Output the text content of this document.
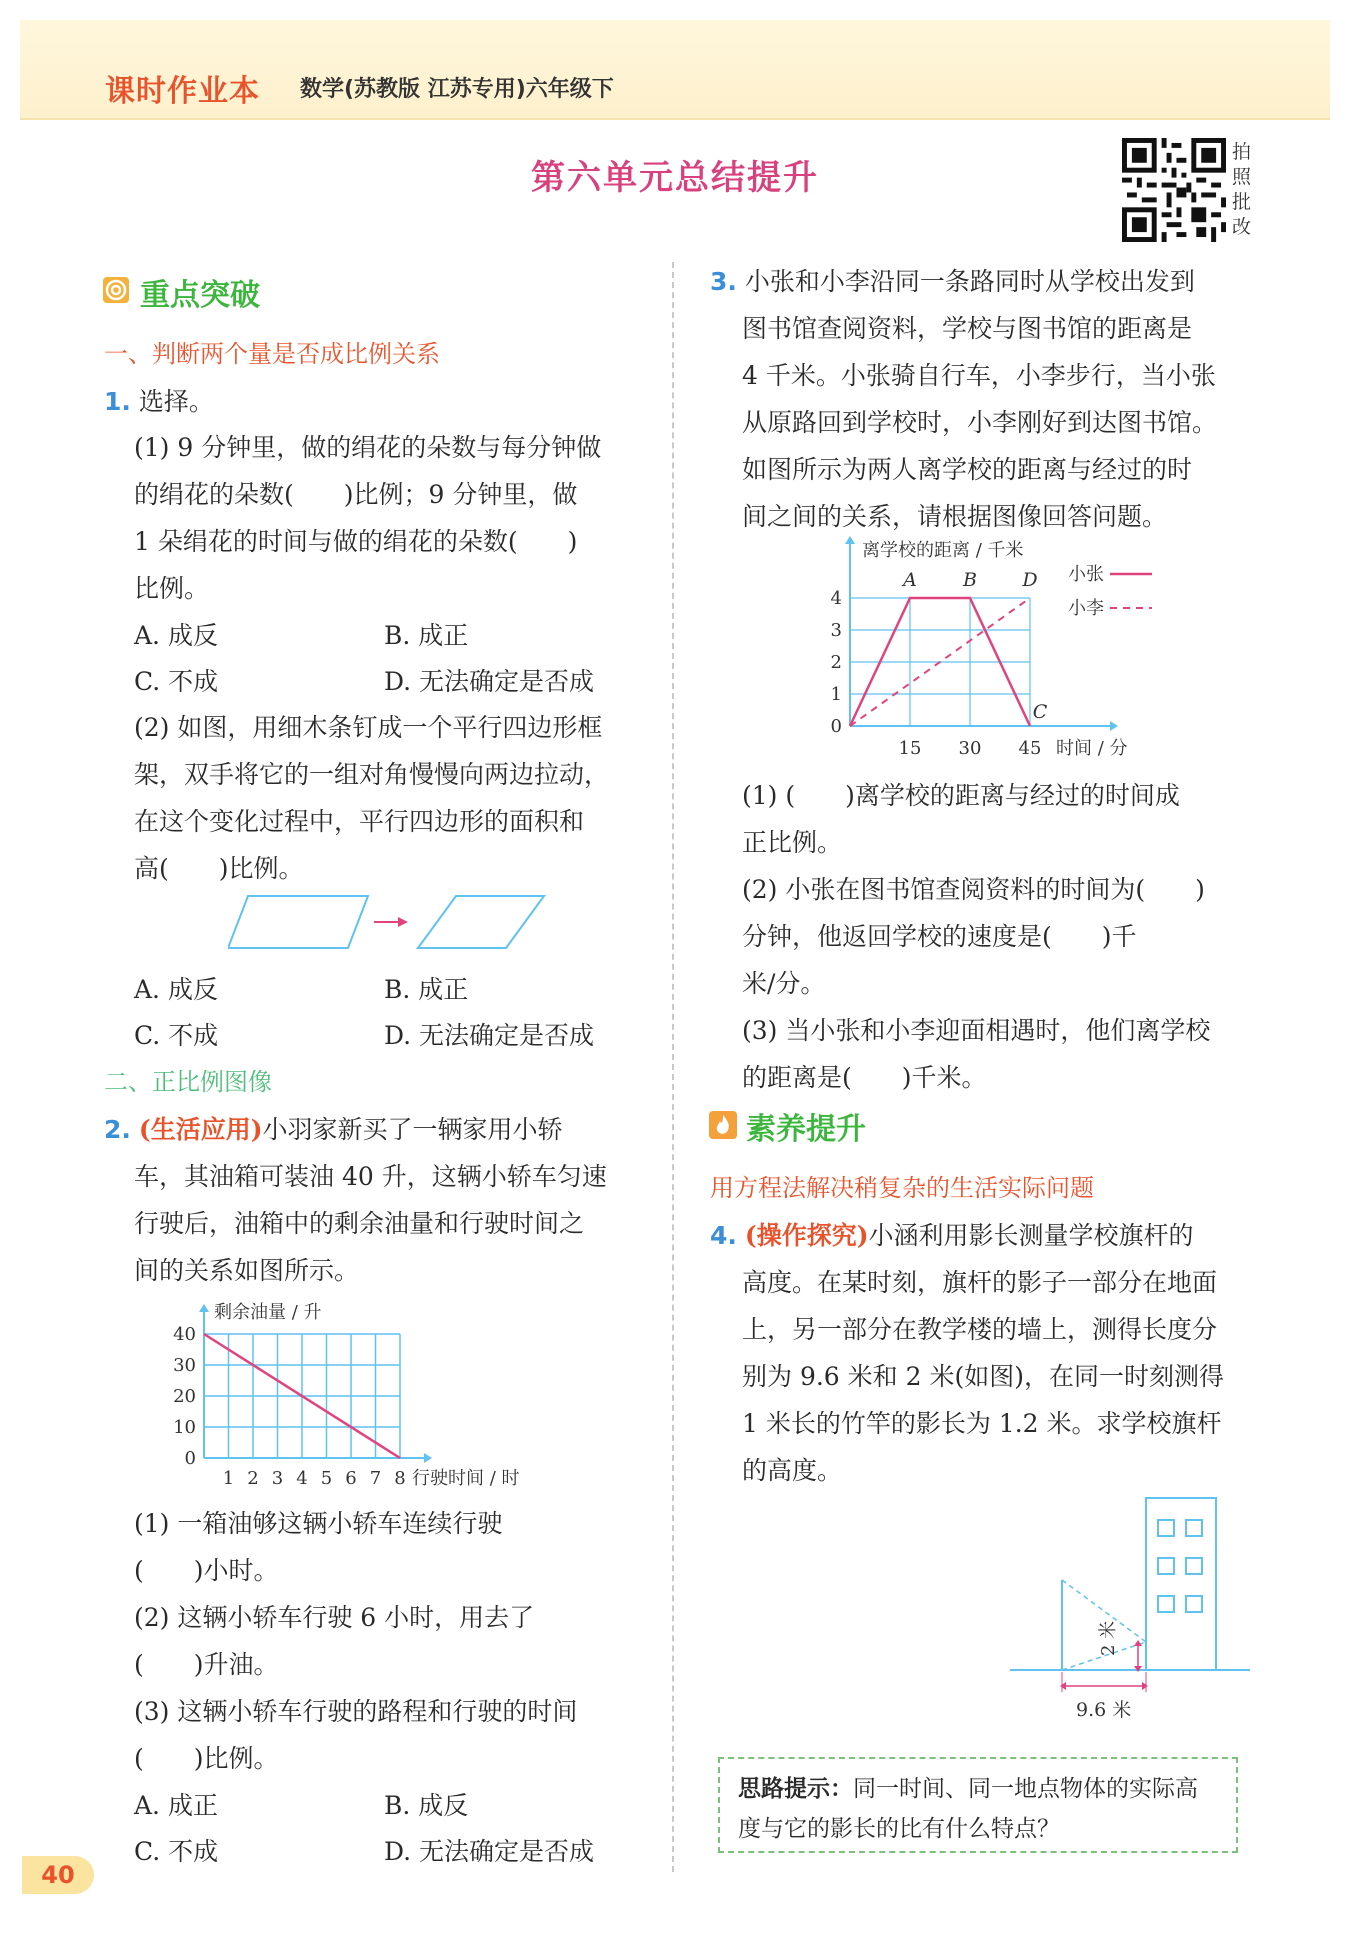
课时作业本 数学(苏教版 江苏专用)六年级下
第六单元总结提升
拍
照
批
改
重点突破
一、判断两个量是否成比例关系
1. 选择。
(1) 9 分钟里，做的绢花的朵数与每分钟做
的绢花的朵数(　　)比例；9 分钟里，做
1 朵绢花的时间与做的绢花的朵数(　　)
比例。
A. 成反	B. 成正
C. 不成	D. 无法确定是否成
(2) 如图，用细木条钉成一个平行四边形框
架，双手将它的一组对角慢慢向两边拉动，
在这个变化过程中，平行四边形的面积和
高(　　)比例。
A. 成反	B. 成正
C. 不成	D. 无法确定是否成
二、正比例图像
2. (生活应用)小羽家新买了一辆家用小轿
车，其油箱可装油 40 升，这辆小轿车匀速
行驶后，油箱中的剩余油量和行驶时间之
间的关系如图所示。
0
10
20
30
40
1 2 3 4 5 6 7 8 行驶时间 / 时
剩余油量 / 升
(1) 一箱油够这辆小轿车连续行驶
(　　)小时。
(2) 这辆小轿车行驶 6 小时，用去了
(　　)升油。
(3) 这辆小轿车行驶的路程和行驶的时间
(　　)比例。
A. 成正	B. 成反
C. 不成	D. 无法确定是否成
3. 小张和小李沿同一条路同时从学校出发到
图书馆查阅资料，学校与图书馆的距离是
4 千米。小张骑自行车，小李步行，当小张
从原路回到学校时，小李刚好到达图书馆。
如图所示为两人离学校的距离与经过的时
间之间的关系，请根据图像回答问题。
0
1
2
3
4
15 30 45 时间 / 分
离学校的距离 / 千米
A B
C
D 小张
小李
(1) (　　)离学校的距离与经过的时间成
正比例。
(2) 小张在图书馆查阅资料的时间为(　　)
分钟，他返回学校的速度是(　　)千
米/分。
(3) 当小张和小李迎面相遇时，他们离学校
的距离是(　　)千米。
素养提升
用方程法解决稍复杂的生活实际问题
4. (操作探究)小涵利用影长测量学校旗杆的
高度。在某时刻，旗杆的影子一部分在地面
上，另一部分在教学楼的墙上，测得长度分
别为 9.6 米和 2 米(如图)，在同一时刻测得
1 米长的竹竿的影长为 1.2 米。求学校旗杆
的高度。
2 米
9.6 米
思路提示：同一时间、同一地点物体的实际高
度与它的影长的比有什么特点？
40
